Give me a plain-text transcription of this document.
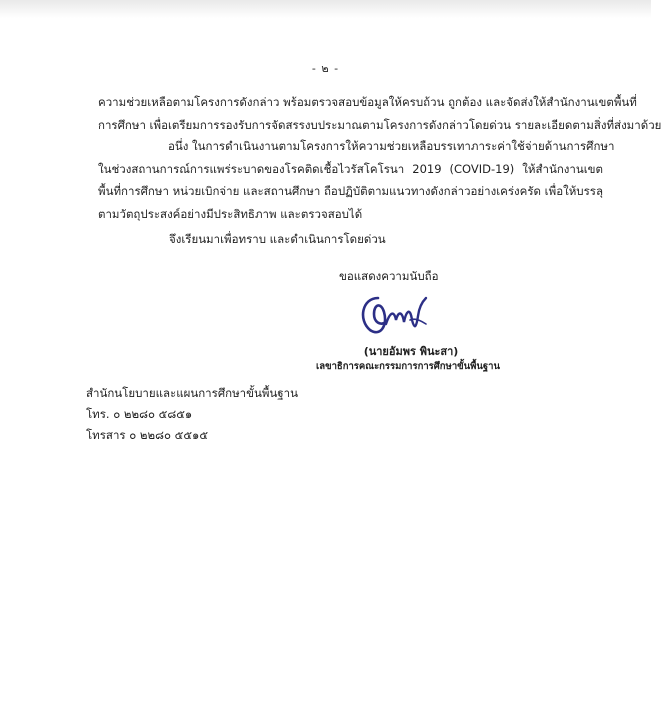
- ๒ -
ความช่วยเหลือตามโครงการดังกล่าว พร้อมตรวจสอบข้อมูลให้ครบถ้วน ถูกต้อง และจัดส่งให้สำนักงานเขตพื้นที่
การศึกษา เพื่อเตรียมการรองรับการจัดสรรงบประมาณตามโครงการดังกล่าวโดยด่วน รายละเอียดตามสิ่งที่ส่งมาด้วย
อนึ่ง ในการดำเนินงานตามโครงการให้ความช่วยเหลือบรรเทาภาระค่าใช้จ่ายด้านการศึกษา
ในช่วงสถานการณ์การแพร่ระบาดของโรคติดเชื้อไวรัสโคโรนา 2019 (COVID-19) ให้สำนักงานเขต
พื้นที่การศึกษา หน่วยเบิกจ่าย และสถานศึกษา ถือปฏิบัติตามแนวทางดังกล่าวอย่างเคร่งครัด เพื่อให้บรรลุ
ตามวัตถุประสงค์อย่างมีประสิทธิภาพ และตรวจสอบได้
จึงเรียนมาเพื่อทราบ และดำเนินการโดยด่วน
ขอแสดงความนับถือ
(นายอัมพร พินะสา)
เลขาธิการคณะกรรมการการศึกษาขั้นพื้นฐาน
สำนักนโยบายและแผนการศึกษาขั้นพื้นฐาน
โทร. ๐ ๒๒๘๐ ๕๘๕๑
โทรสาร ๐ ๒๒๘๐ ๕๕๑๕
